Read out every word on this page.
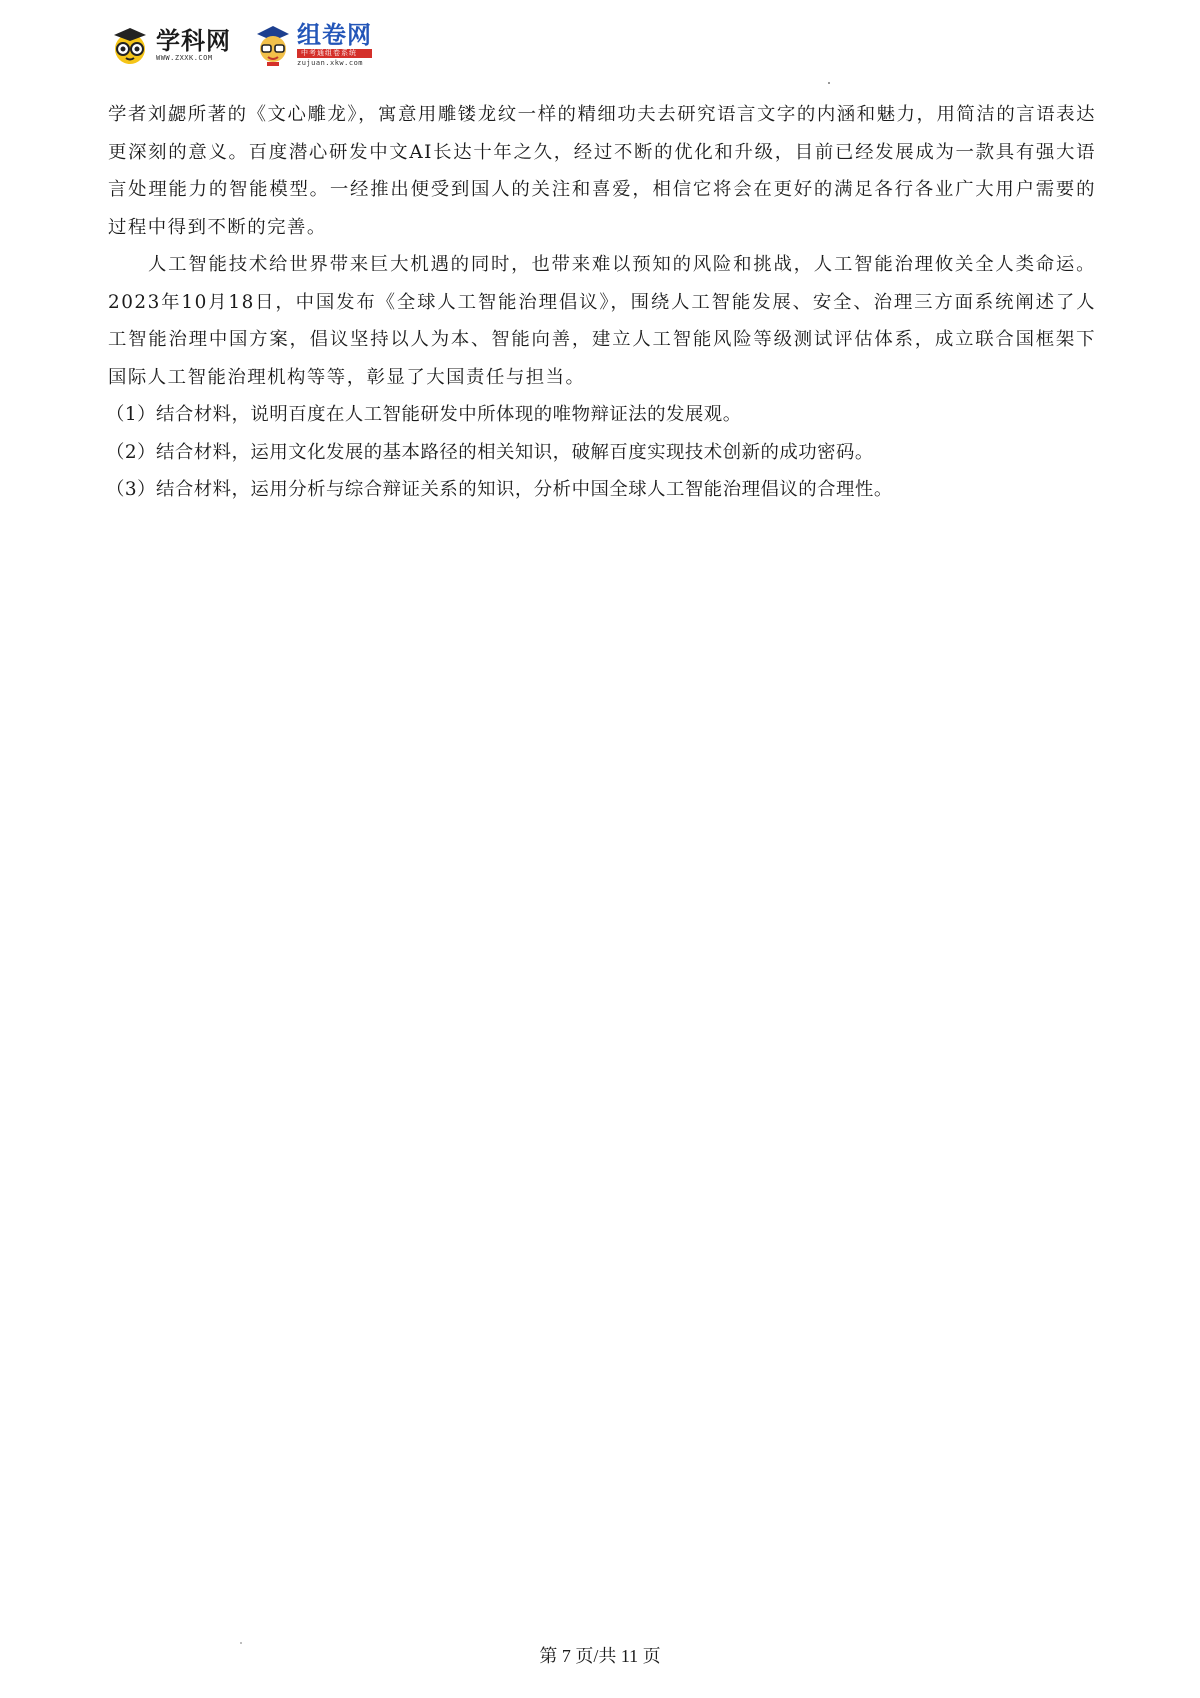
学科网
WWW.ZXXK.COM
组卷网
中考通组卷系统
zujuan.xkw.com

学者刘勰所著的《文心雕龙》，寓意用雕镂龙纹一样的精细功夫去研究语言文字的内涵和魅力，用简洁的言语表达更深刻的意义。百度潜心研发中文AI长达十年之久，经过不断的优化和升级，目前已经发展成为一款具有强大语言处理能力的智能模型。一经推出便受到国人的关注和喜爱，相信它将会在更好的满足各行各业广大用户需要的过程中得到不断的完善。

人工智能技术给世界带来巨大机遇的同时，也带来难以预知的风险和挑战，人工智能治理攸关全人类命运。2023年10月18日，中国发布《全球人工智能治理倡议》，围绕人工智能发展、安全、治理三方面系统阐述了人工智能治理中国方案，倡议坚持以人为本、智能向善，建立人工智能风险等级测试评估体系，成立联合国框架下国际人工智能治理机构等等，彰显了大国责任与担当。

（1）结合材料，说明百度在人工智能研发中所体现的唯物辩证法的发展观。

（2）结合材料，运用文化发展的基本路径的相关知识，破解百度实现技术创新的成功密码。

（3）结合材料，运用分析与综合辩证关系的知识，分析中国全球人工智能治理倡议的合理性。

第 7 页/共 11 页
